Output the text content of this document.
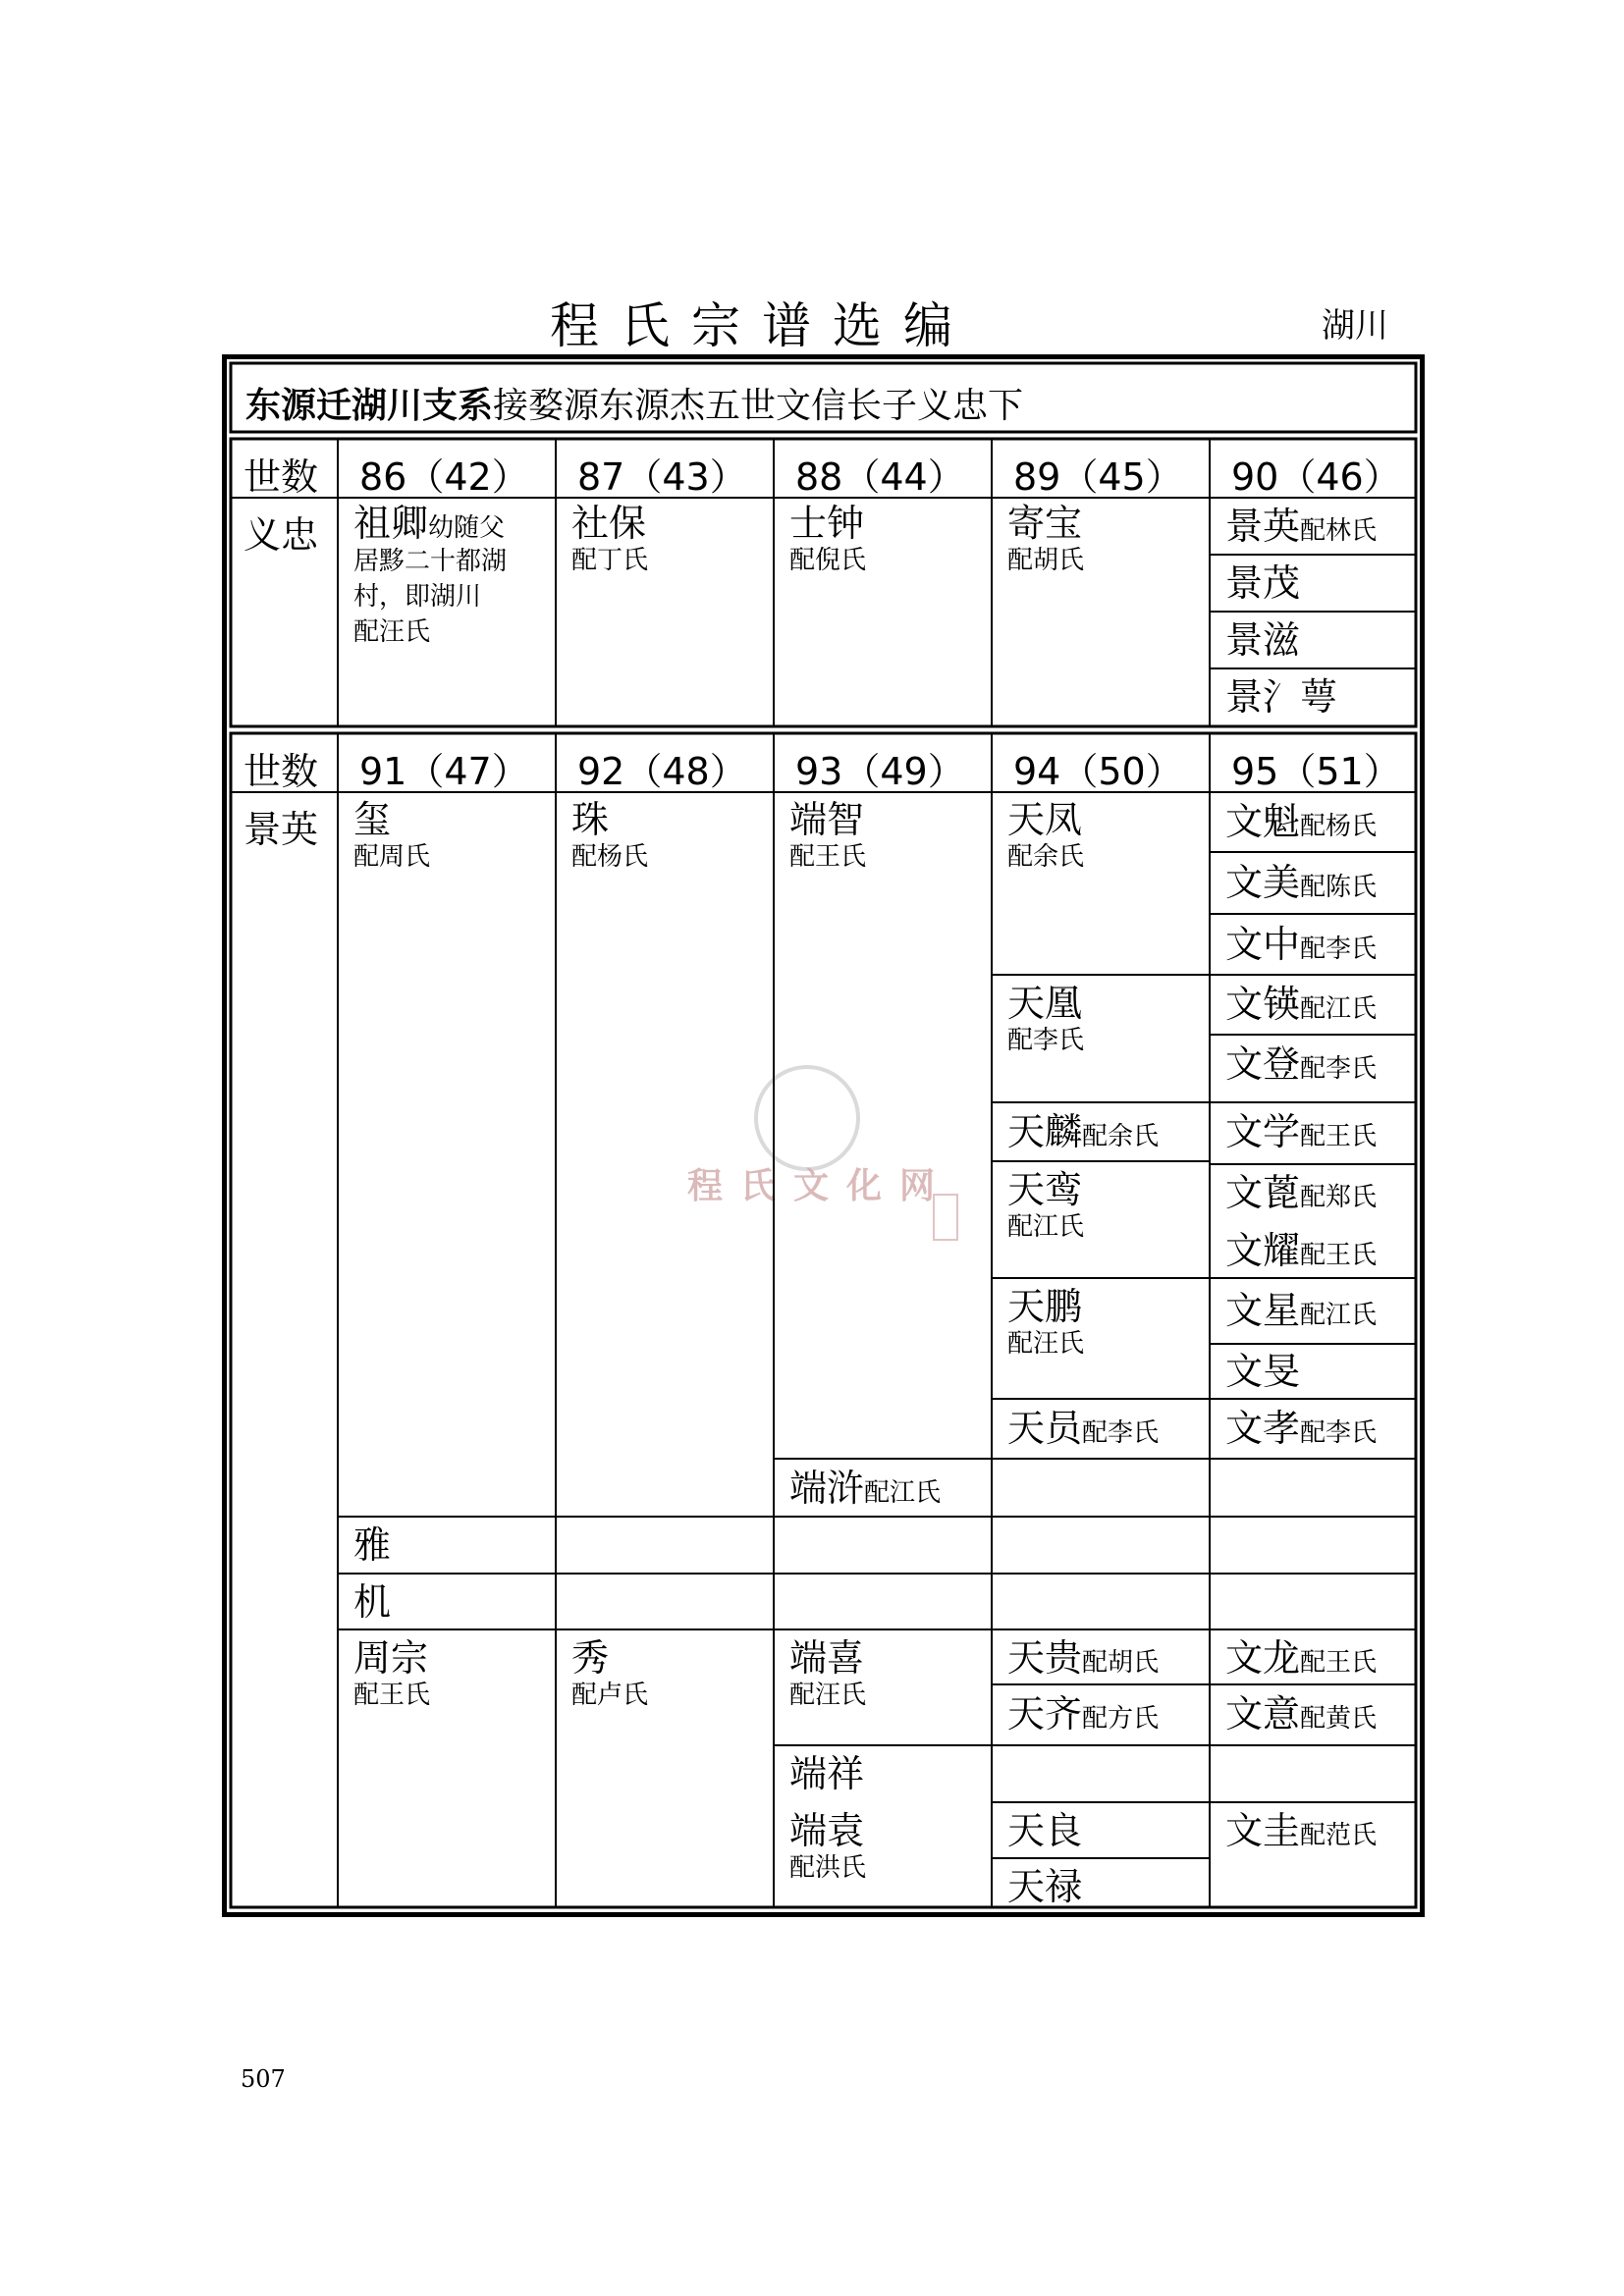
程氏宗谱选编	湖川
程氏文化网
东源迁湖川支系接婺源东源杰五世文信长子义忠下
世数 86（42） 87（43） 88（44） 89（45） 90（46）
义忠 祖卿幼随父
居黟二十都湖
村，即湖川
配汪氏
社保
配丁氏
士钟
配倪氏
寄宝
配胡氏
景英配林氏
景茂
景滋
景氵萼
世数 91（47） 92（48） 93（49） 94（50） 95（51）
景英 玺
配周氏
雅
机
周宗
配王氏
珠
配杨氏
秀
配卢氏
端智
配王氏
端浒配江氏
端喜
配汪氏
端祥
端袁
配洪氏
天凤
配余氏
天凰
配李氏
天麟配余氏
天鸾
配江氏
天鹏
配汪氏
天员配李氏
天贵配胡氏
天齐配方氏
天良
天禄
文魁配杨氏
文美配陈氏
文中配李氏
文锳配江氏
文登配李氏
文学配王氏
文蓖配郑氏
文耀配王氏
文星配江氏
文旻
文孝配李氏
文龙配王氏
文意配黄氏
文圭配范氏
507
